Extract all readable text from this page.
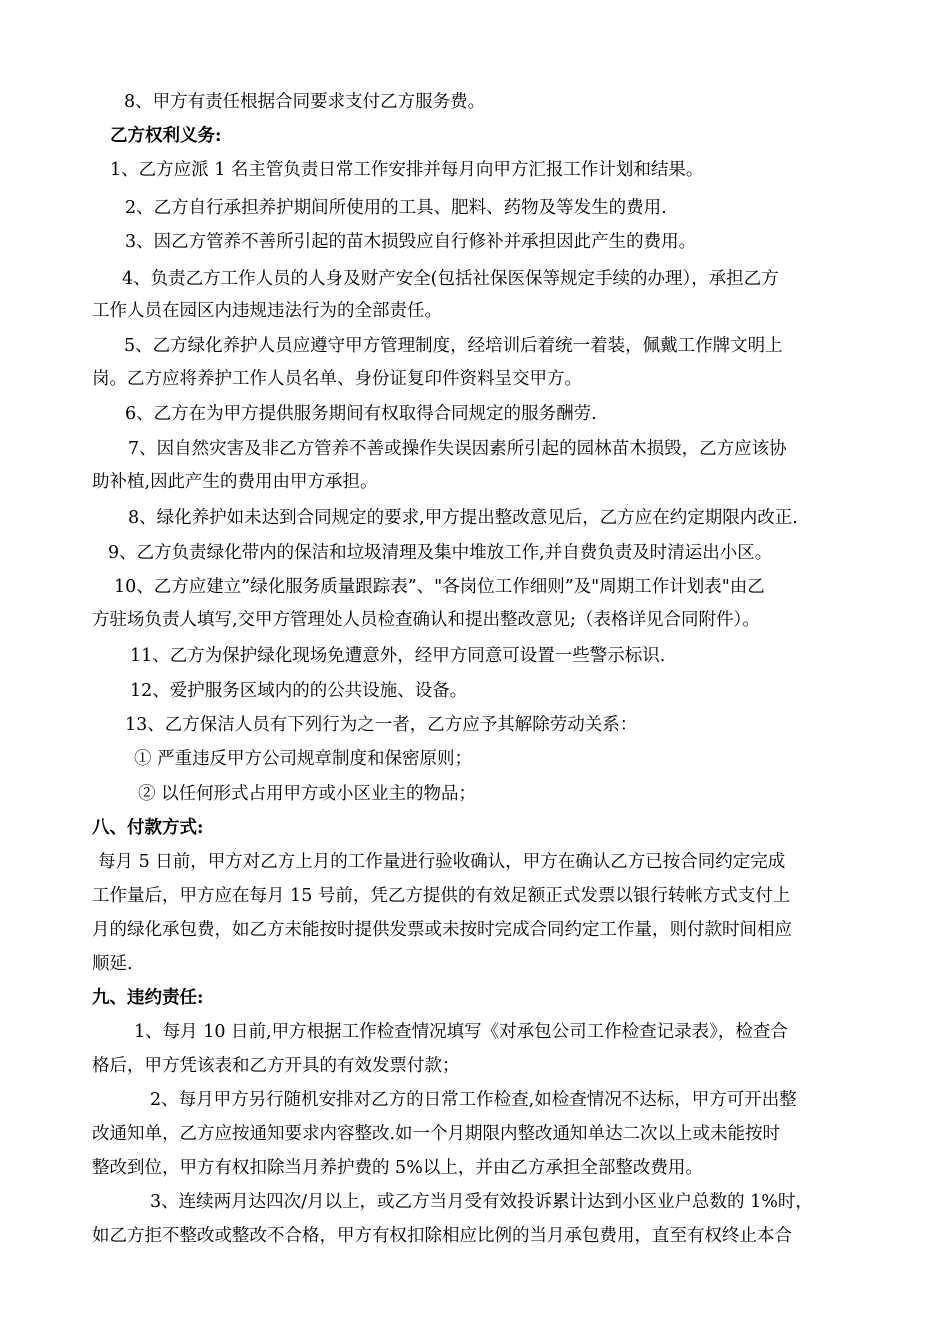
8、甲方有责任根据合同要求支付乙方服务费。
乙方权利义务:
1、乙方应派 1 名主管负责日常工作安排并每月向甲方汇报工作计划和结果。
2、乙方自行承担养护期间所使用的工具、肥料、药物及等发生的费用.
3、因乙方管养不善所引起的苗木损毁应自行修补并承担因此产生的费用。
4、负责乙方工作人员的人身及财产安全(包括社保医保等规定手续的办理），承担乙方
工作人员在园区内违规违法行为的全部责任。
5、乙方绿化养护人员应遵守甲方管理制度，经培训后着统一着装，佩戴工作牌文明上
岗。乙方应将养护工作人员名单、身份证复印件资料呈交甲方。
6、乙方在为甲方提供服务期间有权取得合同规定的服务酬劳.
7、因自然灾害及非乙方管养不善或操作失误因素所引起的园林苗木损毁，乙方应该协
助补植,因此产生的费用由甲方承担。
8、绿化养护如未达到合同规定的要求,甲方提出整改意见后，乙方应在约定期限内改正.
9、乙方负责绿化带内的保洁和垃圾清理及集中堆放工作,并自费负责及时清运出小区。
10、乙方应建立”绿化服务质量跟踪表”、"各岗位工作细则”及"周期工作计划表"由乙
方驻场负责人填写,交甲方管理处人员检查确认和提出整改意见;（表格详见合同附件）。
11、乙方为保护绿化现场免遭意外，经甲方同意可设置一些警示标识.
12、爱护服务区域内的的公共设施、设备。
13、乙方保洁人员有下列行为之一者，乙方应予其解除劳动关系：
① 严重违反甲方公司规章制度和保密原则；
② 以任何形式占用甲方或小区业主的物品；
八、付款方式:
每月 5 日前，甲方对乙方上月的工作量进行验收确认，甲方在确认乙方已按合同约定完成
工作量后，甲方应在每月 15 号前，凭乙方提供的有效足额正式发票以银行转帐方式支付上
月的绿化承包费，如乙方未能按时提供发票或未按时完成合同约定工作量，则付款时间相应
顺延.
九、违约责任:
1、每月 10 日前,甲方根据工作检查情况填写《对承包公司工作检查记录表》，检查合
格后，甲方凭该表和乙方开具的有效发票付款；
2、每月甲方另行随机安排对乙方的日常工作检查,如检查情况不达标，甲方可开出整
改通知单，乙方应按通知要求内容整改.如一个月期限内整改通知单达二次以上或未能按时
整改到位，甲方有权扣除当月养护费的 5%以上，并由乙方承担全部整改费用。
3、连续两月达四次/月以上，或乙方当月受有效投诉累计达到小区业户总数的 1%时，
如乙方拒不整改或整改不合格，甲方有权扣除相应比例的当月承包费用，直至有权终止本合
